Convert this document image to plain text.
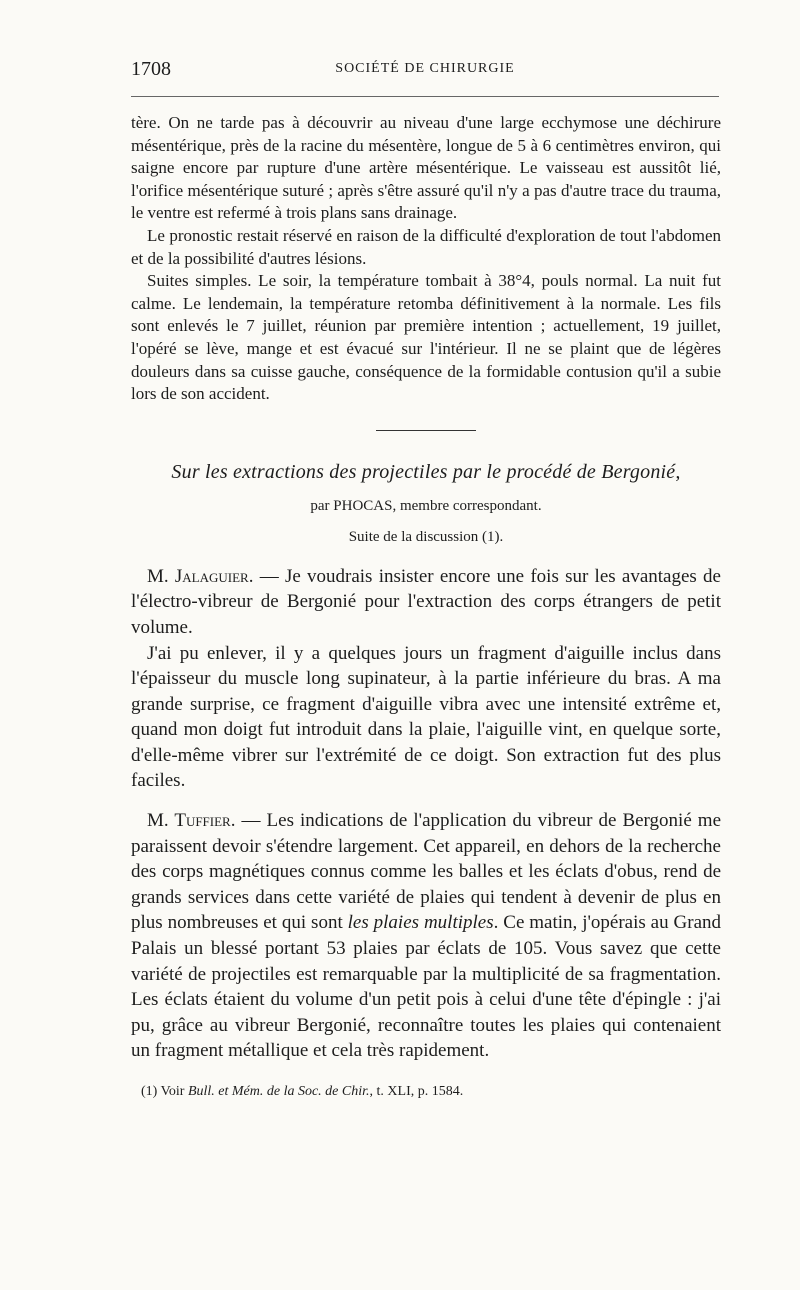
1708	SOCIÉTÉ DE CHIRURGIE

tère. On ne tarde pas à découvrir au niveau d'une large ecchymose une déchirure mésentérique, près de la racine du mésentère, longue de 5 à 6 centimètres environ, qui saigne encore par rupture d'une artère mésentérique. Le vaisseau est aussitôt lié, l'orifice mésentérique suturé ; après s'être assuré qu'il n'y a pas d'autre trace du trauma, le ventre est refermé à trois plans sans drainage.

Le pronostic restait réservé en raison de la difficulté d'exploration de tout l'abdomen et de la possibilité d'autres lésions.

Suites simples. Le soir, la température tombait à 38°4, pouls normal. La nuit fut calme. Le lendemain, la température retomba définitivement à la normale. Les fils sont enlevés le 7 juillet, réunion par première intention ; actuellement, 19 juillet, l'opéré se lève, mange et est évacué sur l'intérieur. Il ne se plaint que de légères douleurs dans sa cuisse gauche, conséquence de la formidable contusion qu'il a subie lors de son accident.

Sur les extractions des projectiles par le procédé de Bergonié,
par PHOCAS, membre correspondant.
Suite de la discussion (1).

M. Jalaguier. — Je voudrais insister encore une fois sur les avantages de l'électro-vibreur de Bergonié pour l'extraction des corps étrangers de petit volume.

J'ai pu enlever, il y a quelques jours un fragment d'aiguille inclus dans l'épaisseur du muscle long supinateur, à la partie inférieure du bras. A ma grande surprise, ce fragment d'aiguille vibra avec une intensité extrême et, quand mon doigt fut introduit dans la plaie, l'aiguille vint, en quelque sorte, d'elle-même vibrer sur l'extrémité de ce doigt. Son extraction fut des plus faciles.

M. Tuffier. — Les indications de l'application du vibreur de Bergonié me paraissent devoir s'étendre largement. Cet appareil, en dehors de la recherche des corps magnétiques connus comme les balles et les éclats d'obus, rend de grands services dans cette variété de plaies qui tendent à devenir de plus en plus nombreuses et qui sont les plaies multiples. Ce matin, j'opérais au Grand Palais un blessé portant 53 plaies par éclats de 105. Vous savez que cette variété de projectiles est remarquable par la multiplicité de sa fragmentation. Les éclats étaient du volume d'un petit pois à celui d'une tête d'épingle : j'ai pu, grâce au vibreur Bergonié, reconnaître toutes les plaies qui contenaient un fragment métallique et cela très rapidement.

(1) Voir Bull. et Mém. de la Soc. de Chir., t. XLI, p. 1584.
